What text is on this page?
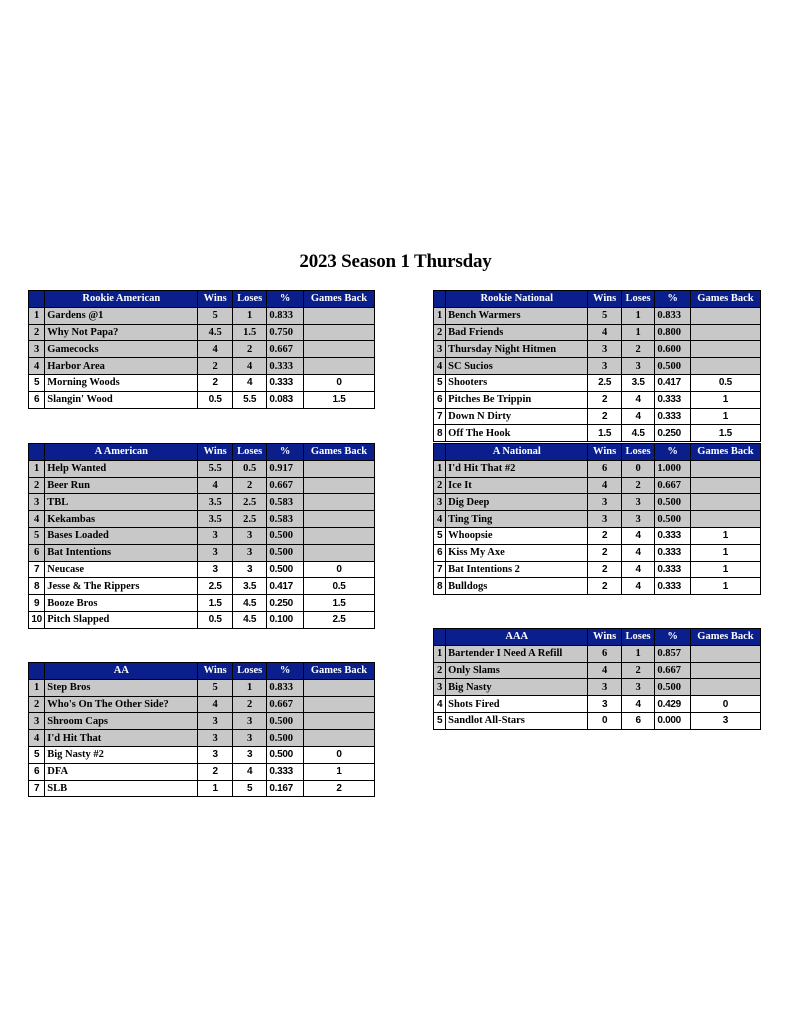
2023 Season 1 Thursday
	Rookie American	Wins	Loses	%	Games Back
1	Gardens @1	5	1	0.833	
2	Why Not Papa?	4.5	1.5	0.750	
3	Gamecocks	4	2	0.667	
4	Harbor Area	2	4	0.333	
5	Morning Woods	2	4	0.333	0
6	Slangin' Wood	0.5	5.5	0.083	1.5
	Rookie National	Wins	Loses	%	Games Back
1	Bench Warmers	5	1	0.833	
2	Bad Friends	4	1	0.800	
3	Thursday Night Hitmen	3	2	0.600	
4	SC Sucios	3	3	0.500	
5	Shooters	2.5	3.5	0.417	0.5
6	Pitches Be Trippin	2	4	0.333	1
7	Down N Dirty	2	4	0.333	1
8	Off The Hook	1.5	4.5	0.250	1.5
	A American	Wins	Loses	%	Games Back
1	Help Wanted	5.5	0.5	0.917	
2	Beer Run	4	2	0.667	
3	TBL	3.5	2.5	0.583	
4	Kekambas	3.5	2.5	0.583	
5	Bases Loaded	3	3	0.500	
6	Bat Intentions	3	3	0.500	
7	Neucase	3	3	0.500	0
8	Jesse & The Rippers	2.5	3.5	0.417	0.5
9	Booze Bros	1.5	4.5	0.250	1.5
10	Pitch Slapped	0.5	4.5	0.100	2.5
	A National	Wins	Loses	%	Games Back
1	I'd Hit That #2	6	0	1.000	
2	Ice It	4	2	0.667	
3	Dig Deep	3	3	0.500	
4	Ting Ting	3	3	0.500	
5	Whoopsie	2	4	0.333	1
6	Kiss My Axe	2	4	0.333	1
7	Bat Intentions 2	2	4	0.333	1
8	Bulldogs	2	4	0.333	1
	AAA	Wins	Loses	%	Games Back
1	Bartender I Need A Refill	6	1	0.857	
2	Only Slams	4	2	0.667	
3	Big Nasty	3	3	0.500	
4	Shots Fired	3	4	0.429	0
5	Sandlot All-Stars	0	6	0.000	3
	AA	Wins	Loses	%	Games Back
1	Step Bros	5	1	0.833	
2	Who's On The Other Side?	4	2	0.667	
3	Shroom Caps	3	3	0.500	
4	I'd Hit That	3	3	0.500	
5	Big Nasty #2	3	3	0.500	0
6	DFA	2	4	0.333	1
7	SLB	1	5	0.167	2
